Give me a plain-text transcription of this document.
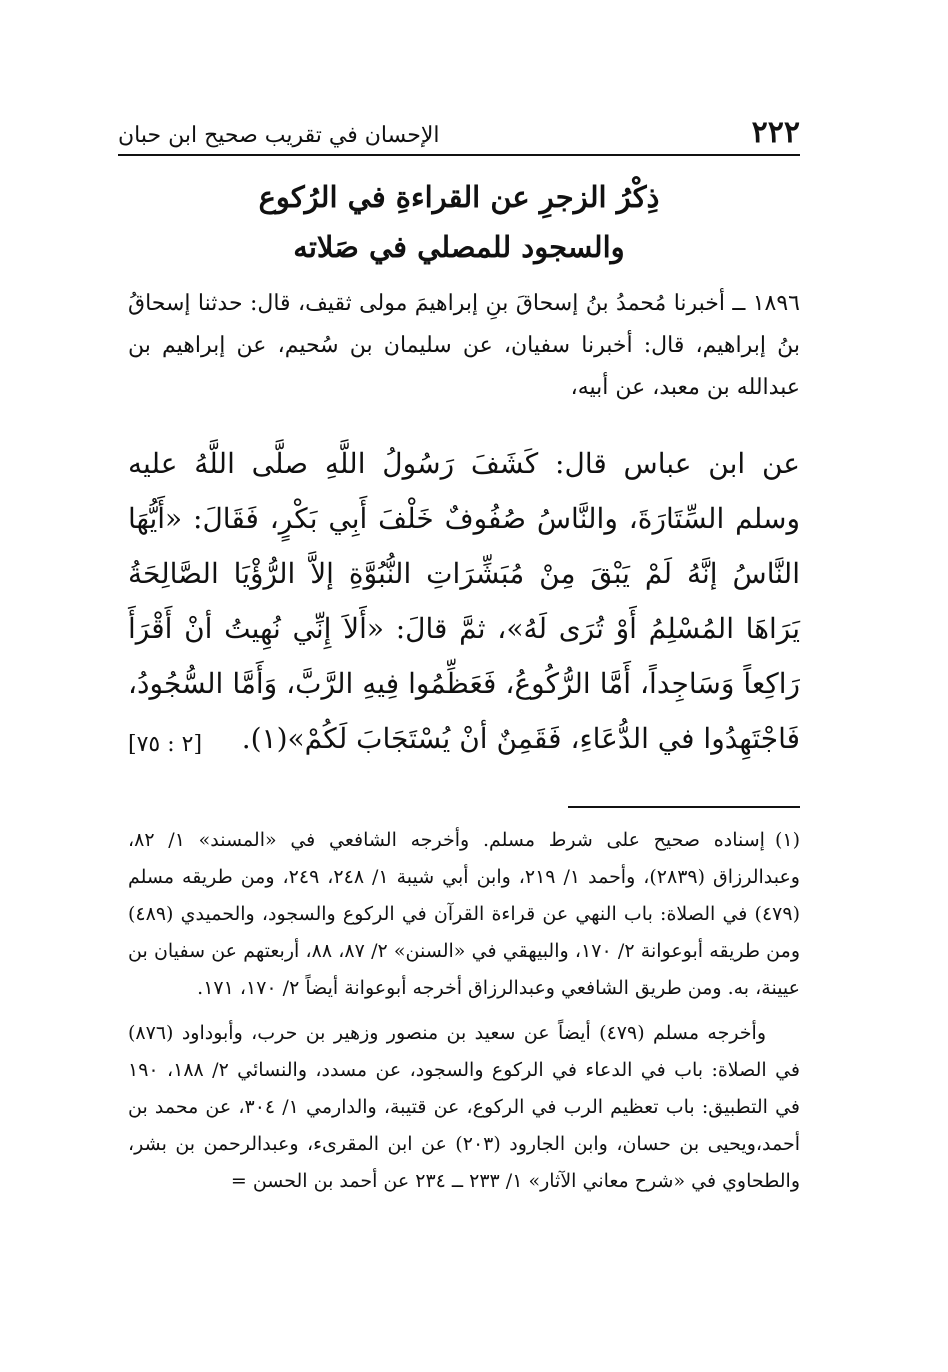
٢٢٢
الإحسان في تقريب صحيح ابن حبان
ذِكْرُ الزجرِ عن القراءةِ في الرُكوع
والسجود للمصلي في صَلاته

١٨٩٦ ــ أخبرنا مُحمدُ بنُ إسحاقَ بنِ إبراهيمَ مولى ثقيف، قال: حدثنا إسحاقُ بنُ إبراهيم، قال: أخبرنا سفيان، عن سليمان بن سُحيم، عن إبراهيم بن عبدالله بن معبد، عن أبيه،

عن ابن عباس قال: كَشَفَ رَسُولُ اللَّهِ صلَّى اللَّهُ عليه وسلم السِّتَارَةَ، والنَّاسُ صُفُوفٌ خَلْفَ أَبِي بَكْرٍ، فَقَالَ: «أَيُّهَا النَّاسُ إنَّهُ لَمْ يَبْقَ مِنْ مُبَشِّرَاتِ النُّبُوَّةِ إلاَّ الرُّؤْيَا الصَّالِحَةُ يَرَاهَا المُسْلِمُ أَوْ تُرَى لَهُ»، ثمَّ قالَ: «أَلاَ إِنِّي نُهِيتُ أنْ أَقْرَأَ رَاكِعاً وَسَاجِداً، أَمَّا الرُّكُوعُ، فَعَظِّمُوا فِيهِ الرَّبَّ، وَأَمَّا السُّجُودُ، فَاجْتَهِدُوا في الدُّعَاءِ، فَقَمِنٌ أنْ يُسْتَجَابَ لَكُمْ»(١).
[٢ : ٧٥]

(١)إسناده صحيح على شرط مسلم. وأخرجه الشافعي في «المسند» ١/ ٨٢، وعبدالرزاق (٢٨٣٩)، وأحمد ١/ ٢١٩، وابن أبي شيبة ١/ ٢٤٨، ٢٤٩، ومن طريقه مسلم (٤٧٩) في الصلاة: باب النهي عن قراءة القرآن في الركوع والسجود، والحميدي (٤٨٩) ومن طريقه أبوعوانة ٢/ ١٧٠، والبيهقي في «السنن» ٢/ ٨٧، ٨٨، أربعتهم عن سفيان بن عيينة، به. ومن طريق الشافعي وعبدالرزاق أخرجه أبوعوانة أيضاً ٢/ ١٧٠، ١٧١.

وأخرجه مسلم (٤٧٩) أيضاً عن سعيد بن منصور وزهير بن حرب، وأبوداود (٨٧٦) في الصلاة: باب في الدعاء في الركوع والسجود، عن مسدد، والنسائي ٢/ ١٨٨، ١٩٠ في التطبيق: باب تعظيم الرب في الركوع، عن قتيبة، والدارمي ١/ ٣٠٤، عن محمد بن أحمد،ويحيى بن حسان، وابن الجارود (٢٠٣) عن ابن المقرىء، وعبدالرحمن بن بشر، والطحاوي في «شرح معاني الآثار» ١/ ٢٣٣ ــ ٢٣٤ عن أحمد بن الحسن =
